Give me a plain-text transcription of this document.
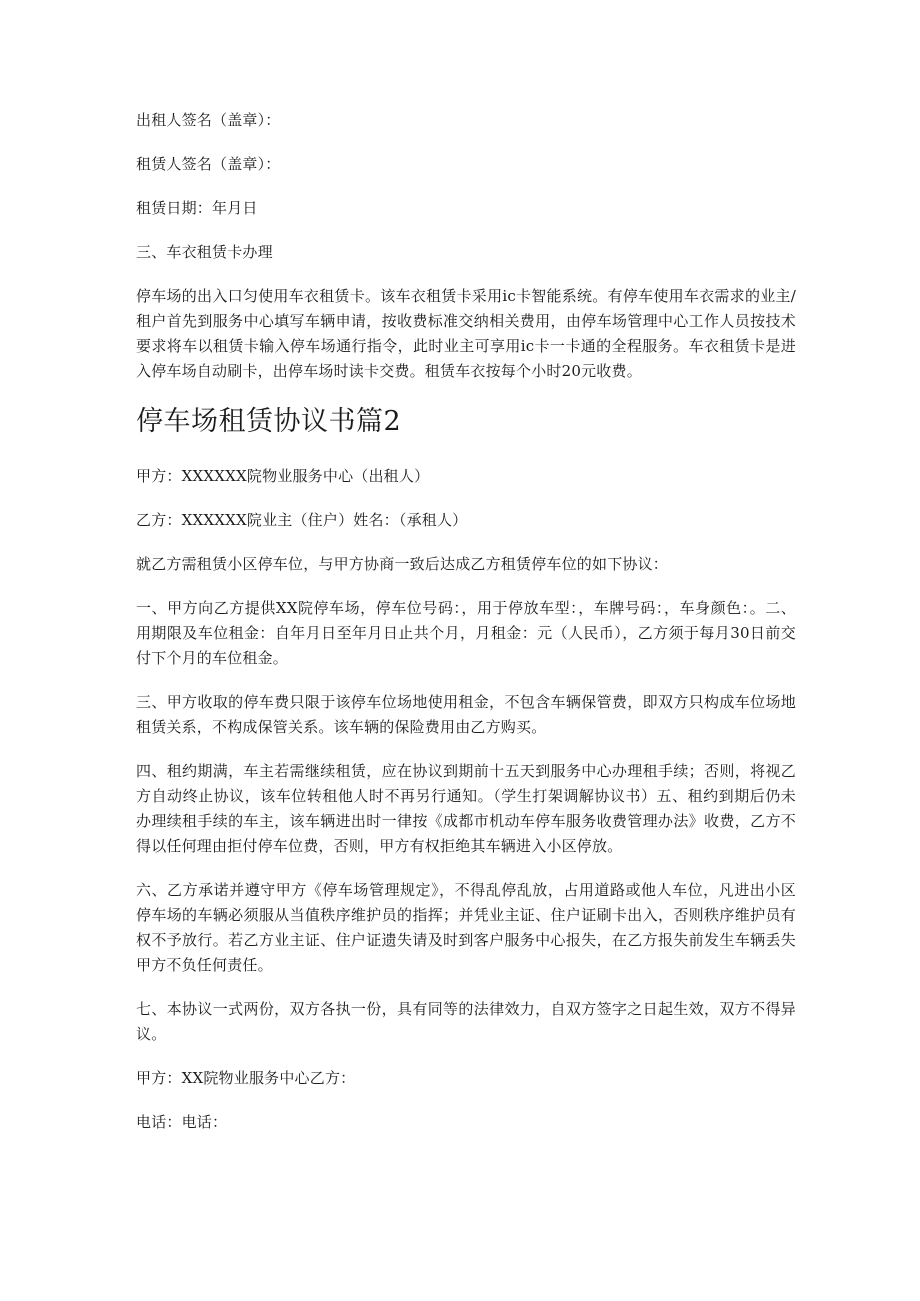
出租人签名（盖章）：

租赁人签名（盖章）：

租赁日期：年月日

三、车衣租赁卡办理

停车场的出入口匀使用车衣租赁卡。该车衣租赁卡采用ic卡智能系统。有停车使用车衣需求的业主/租户首先到服务中心填写车辆申请，按收费标准交纳相关费用，由停车场管理中心工作人员按技术要求将车以租赁卡输入停车场通行指令，此时业主可享用ic卡一卡通的全程服务。车衣租赁卡是进入停车场自动刷卡，出停车场时读卡交费。租赁车衣按每个小时20元收费。

停车场租赁协议书篇2

甲方：XXXXXX院物业服务中心（出租人）

乙方：XXXXXX院业主（住户）姓名：（承租人）

就乙方需租赁小区停车位，与甲方协商一致后达成乙方租赁停车位的如下协议：

一、甲方向乙方提供XX院停车场，停车位号码：，用于停放车型：，车牌号码：，车身颜色：。二、用期限及车位租金：自年月日至年月日止共个月，月租金：元（人民币），乙方须于每月30日前交付下个月的车位租金。

三、甲方收取的停车费只限于该停车位场地使用租金，不包含车辆保管费，即双方只构成车位场地租赁关系，不构成保管关系。该车辆的保险费用由乙方购买。

四、租约期满，车主若需继续租赁，应在协议到期前十五天到服务中心办理租手续；否则，将视乙方自动终止协议，该车位转租他人时不再另行通知。（学生打架调解协议书）五、租约到期后仍未办理续租手续的车主，该车辆进出时一律按《成都市机动车停车服务收费管理办法》收费，乙方不得以任何理由拒付停车位费，否则，甲方有权拒绝其车辆进入小区停放。

六、乙方承诺并遵守甲方《停车场管理规定》，不得乱停乱放，占用道路或他人车位，凡进出小区停车场的车辆必须服从当值秩序维护员的指挥；并凭业主证、住户证刷卡出入，否则秩序维护员有权不予放行。若乙方业主证、住户证遗失请及时到客户服务中心报失，在乙方报失前发生车辆丢失甲方不负任何责任。

七、本协议一式两份，双方各执一份，具有同等的法律效力，自双方签字之日起生效，双方不得异议。

甲方：XX院物业服务中心乙方：

电话：电话：
